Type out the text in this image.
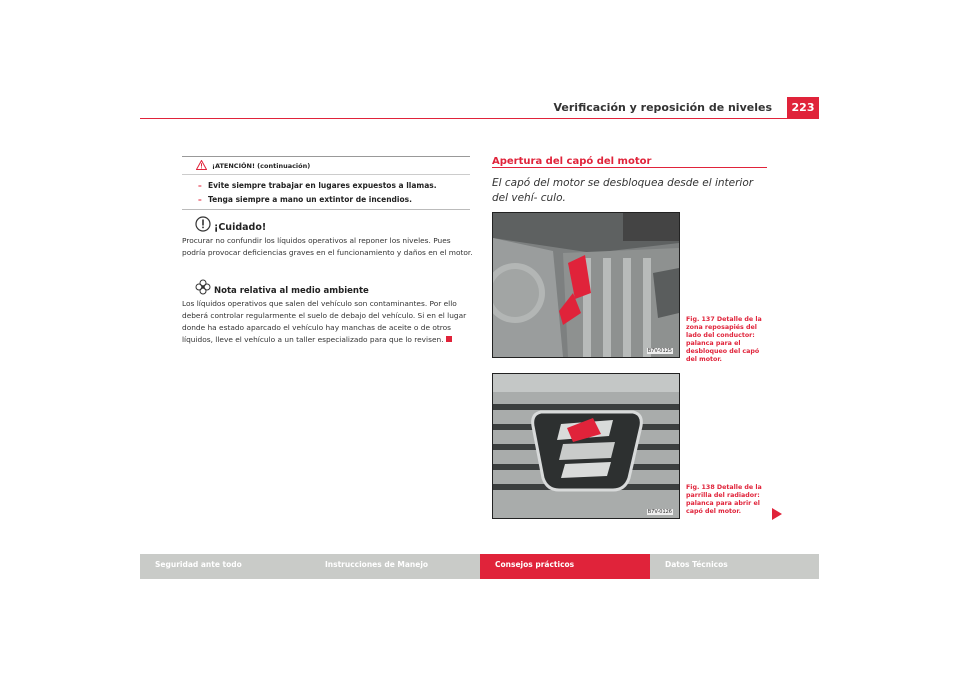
Verificación y reposición de niveles	223
¡ATENCIÓN! (continuación)
– Evite siempre trabajar en lugares expuestos a llamas.
– Tenga siempre a mano un extintor de incendios.
¡Cuidado!
Procurar no confundir los líquidos operativos al reponer los niveles. Pues podría provocar deficiencias graves en el funcionamiento y daños en el motor.
Nota relativa al medio ambiente
Los líquidos operativos que salen del vehículo son contaminantes. Por ello deberá controlar regularmente el suelo de debajo del vehículo. Si en el lugar donde ha estado aparcado el vehículo hay manchas de aceite o de otros líquidos, lleve el vehículo a un taller especializado para que lo revisen.
Apertura del capó del motor
El capó del motor se desbloquea desde el interior del vehí- culo.
B7V-0125
Fig. 137 Detalle de la zona reposapiés del lado del conductor: palanca para el desbloqueo del capó del motor.
B7V-0126
Fig. 138 Detalle de la parrilla del radiador: palanca para abrir el capó del motor.
Seguridad ante todo	Instrucciones de Manejo	Consejos prácticos	Datos Técnicos
